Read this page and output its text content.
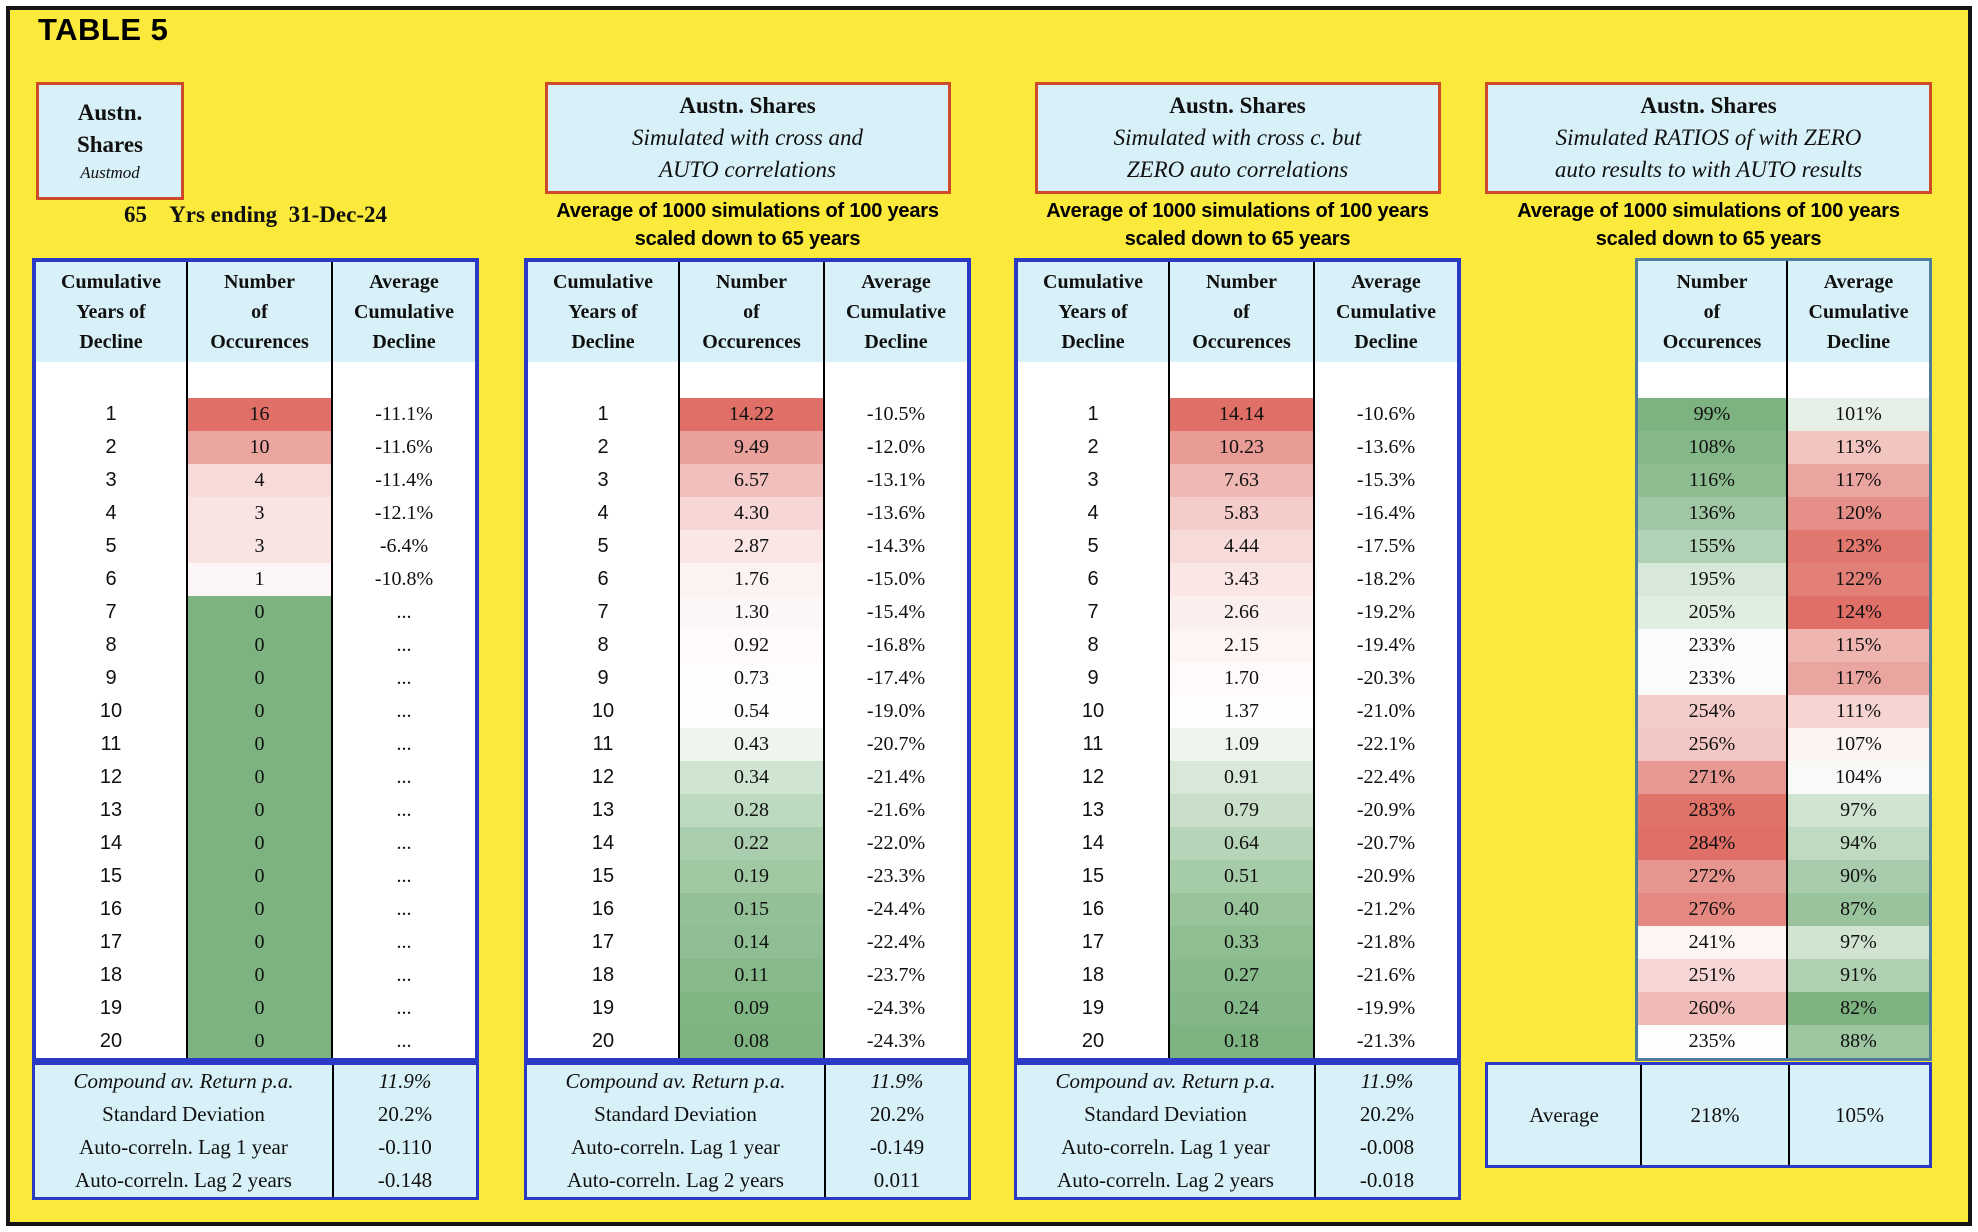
TABLE 5
Austn.
Shares
Austmod
65    Yrs ending  31-Dec-24
Cumulative
Years of
Decline
Number
of
Occurences
Average
Cumulative
Decline
1	16	-11.1%
2	10	-11.6%
3	4	-11.4%
4	3	-12.1%
5	3	-6.4%
6	1	-10.8%
7	0	...
8	0	...
9	0	...
10	0	...
11	0	...
12	0	...
13	0	...
14	0	...
15	0	...
16	0	...
17	0	...
18	0	...
19	0	...
20	0	...
Compound av. Return p.a.	11.9%
Standard Deviation	20.2%
Auto-correln. Lag 1 year	-0.110
Auto-correln. Lag 2 years	-0.148
Austn. Shares
Simulated with cross and
AUTO correlations
Average of 1000 simulations of 100 years
scaled down to 65 years
Cumulative
Years of
Decline
Number
of
Occurences
Average
Cumulative
Decline
1	14.22	-10.5%
2	9.49	-12.0%
3	6.57	-13.1%
4	4.30	-13.6%
5	2.87	-14.3%
6	1.76	-15.0%
7	1.30	-15.4%
8	0.92	-16.8%
9	0.73	-17.4%
10	0.54	-19.0%
11	0.43	-20.7%
12	0.34	-21.4%
13	0.28	-21.6%
14	0.22	-22.0%
15	0.19	-23.3%
16	0.15	-24.4%
17	0.14	-22.4%
18	0.11	-23.7%
19	0.09	-24.3%
20	0.08	-24.3%
Compound av. Return p.a.	11.9%
Standard Deviation	20.2%
Auto-correln. Lag 1 year	-0.149
Auto-correln. Lag 2 years	0.011
Austn. Shares
Simulated with cross c. but
ZERO auto correlations
Average of 1000 simulations of 100 years
scaled down to 65 years
Cumulative
Years of
Decline
Number
of
Occurences
Average
Cumulative
Decline
1	14.14	-10.6%
2	10.23	-13.6%
3	7.63	-15.3%
4	5.83	-16.4%
5	4.44	-17.5%
6	3.43	-18.2%
7	2.66	-19.2%
8	2.15	-19.4%
9	1.70	-20.3%
10	1.37	-21.0%
11	1.09	-22.1%
12	0.91	-22.4%
13	0.79	-20.9%
14	0.64	-20.7%
15	0.51	-20.9%
16	0.40	-21.2%
17	0.33	-21.8%
18	0.27	-21.6%
19	0.24	-19.9%
20	0.18	-21.3%
Compound av. Return p.a.	11.9%
Standard Deviation	20.2%
Auto-correln. Lag 1 year	-0.008
Auto-correln. Lag 2 years	-0.018
Austn. Shares
Simulated RATIOS of with ZERO
auto results to with AUTO results
Average of 1000 simulations of 100 years
scaled down to 65 years
Number
of
Occurences
Average
Cumulative
Decline
99%	101%
108%	113%
116%	117%
136%	120%
155%	123%
195%	122%
205%	124%
233%	115%
233%	117%
254%	111%
256%	107%
271%	104%
283%	97%
284%	94%
272%	90%
276%	87%
241%	97%
251%	91%
260%	82%
235%	88%
Average	218%	105%
